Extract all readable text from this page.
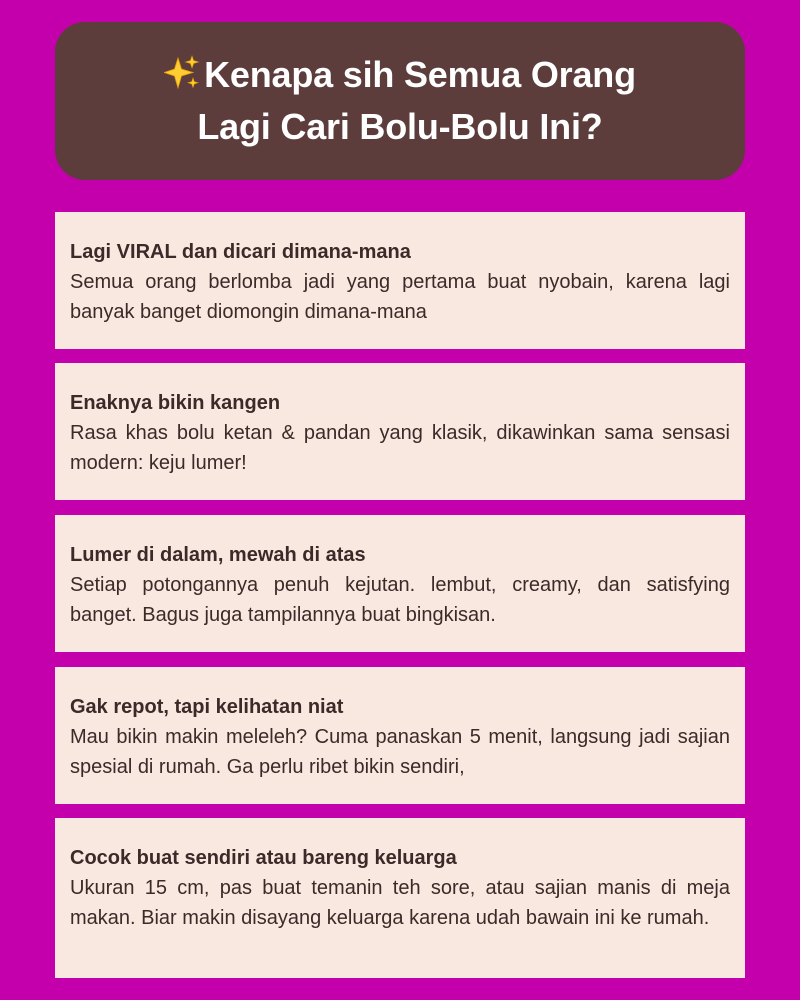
Kenapa sih Semua Orang
Lagi Cari Bolu-Bolu Ini?

Lagi VIRAL dan dicari dimana-mana

Semua orang berlomba jadi yang pertama buat nyobain, karena lagi banyak banget diomongin dimana-mana

Enaknya bikin kangen

Rasa khas bolu ketan & pandan yang klasik, dikawinkan sama sensasi modern: keju lumer!

Lumer di dalam, mewah di atas

Setiap potongannya penuh kejutan. lembut, creamy, dan satisfying banget. Bagus juga tampilannya buat bingkisan.

Gak repot, tapi kelihatan niat

Mau bikin makin meleleh? Cuma panaskan 5 menit, langsung jadi sajian spesial di rumah. Ga perlu ribet bikin sendiri,

Cocok buat sendiri atau bareng keluarga

Ukuran 15 cm, pas buat temanin teh sore, atau sajian manis di meja makan. Biar makin disayang keluarga karena udah bawain ini ke rumah.
